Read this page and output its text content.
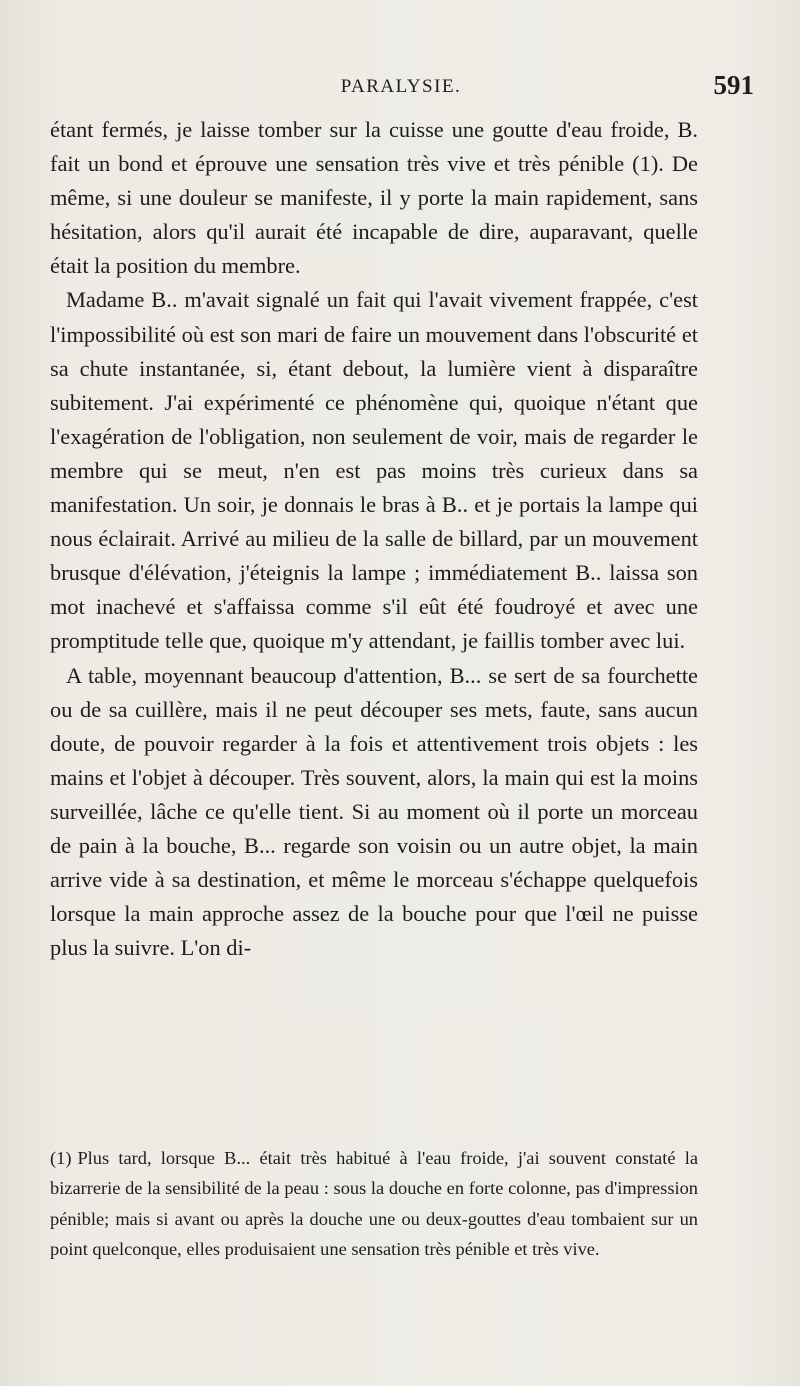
PARALYSIE.	591

étant fermés, je laisse tomber sur la cuisse une goutte d'eau froide, B. fait un bond et éprouve une sensation très vive et très pénible (1). De même, si une douleur se manifeste, il y porte la main rapidement, sans hésitation, alors qu'il aurait été incapable de dire, auparavant, quelle était la position du membre.

Madame B.. m'avait signalé un fait qui l'avait vivement frappée, c'est l'impossibilité où est son mari de faire un mouvement dans l'obscurité et sa chute instantanée, si, étant debout, la lumière vient à disparaître subitement. J'ai expérimenté ce phénomène qui, quoique n'étant que l'exagération de l'obligation, non seulement de voir, mais de regarder le membre qui se meut, n'en est pas moins très curieux dans sa manifestation. Un soir, je donnais le bras à B.. et je portais la lampe qui nous éclairait. Arrivé au milieu de la salle de billard, par un mouvement brusque d'élévation, j'éteignis la lampe ; immédiatement B.. laissa son mot inachevé et s'affaissa comme s'il eût été foudroyé et avec une promptitude telle que, quoique m'y attendant, je faillis tomber avec lui.

A table, moyennant beaucoup d'attention, B... se sert de sa fourchette ou de sa cuillère, mais il ne peut découper ses mets, faute, sans aucun doute, de pouvoir regarder à la fois et attentivement trois objets : les mains et l'objet à découper. Très souvent, alors, la main qui est la moins surveillée, lâche ce qu'elle tient. Si au moment où il porte un morceau de pain à la bouche, B... regarde son voisin ou un autre objet, la main arrive vide à sa destination, et même le morceau s'échappe quelquefois lorsque la main approche assez de la bouche pour que l'œil ne puisse plus la suivre. L'on di-

(1) Plus tard, lorsque B... était très habitué à l'eau froide, j'ai souvent constaté la bizarrerie de la sensibilité de la peau : sous la douche en forte colonne, pas d'impression pénible; mais si avant ou après la douche une ou deux-gouttes d'eau tombaient sur un point quelconque, elles produisaient une sensation très pénible et très vive.
